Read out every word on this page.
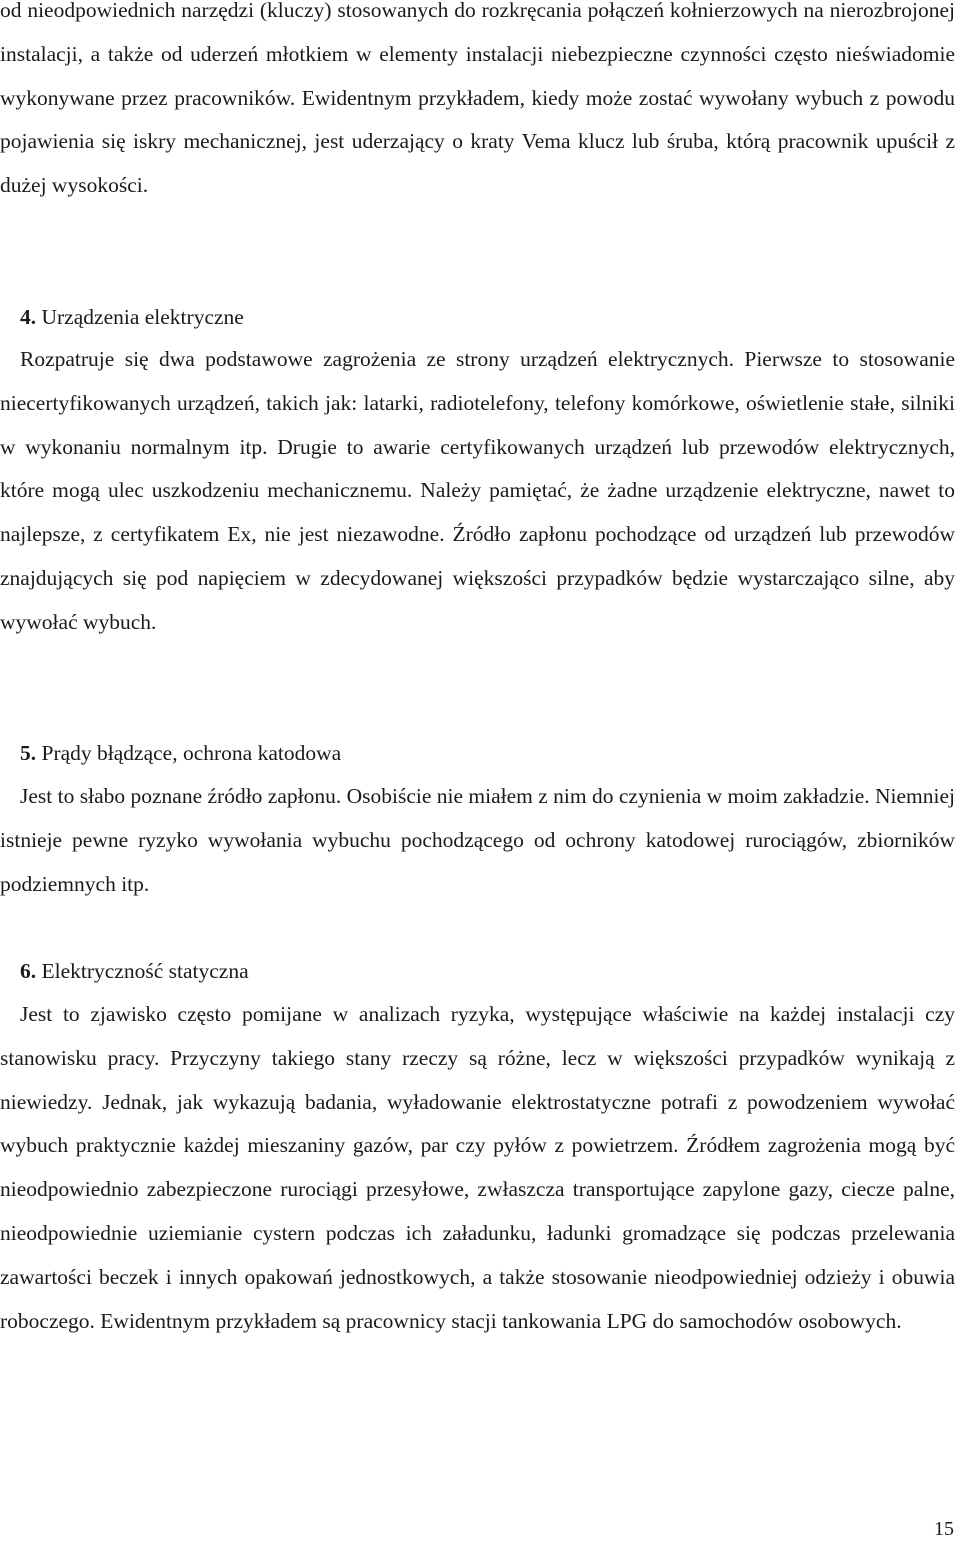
od nieodpowiednich narzędzi (kluczy) stosowanych do rozkręcania połączeń kołnierzowych na nierozbrojonej instalacji, a także od uderzeń młotkiem w elementy instalacji niebezpieczne czynności często nieświadomie wykonywane przez pracowników. Ewidentnym przykładem, kiedy może zostać wywołany wybuch z powodu pojawienia się iskry mechanicznej, jest uderzający o kraty Vema klucz lub śruba, którą pracownik upuścił z dużej wysokości.

4. Urządzenia elektryczne

Rozpatruje się dwa podstawowe zagrożenia ze strony urządzeń elektrycznych. Pierwsze to stosowanie niecertyfikowanych urządzeń, takich jak: latarki, radiotelefony, telefony komórkowe, oświetlenie stałe, silniki w wykonaniu normalnym itp. Drugie to awarie certyfikowanych urządzeń lub przewodów elektrycznych, które mogą ulec uszkodzeniu mechanicznemu. Należy pamiętać, że żadne urządzenie elektryczne, nawet to najlepsze, z certyfikatem Ex, nie jest niezawodne. Źródło zapłonu pochodzące od urządzeń lub przewodów znajdujących się pod napięciem w zdecydowanej większości przypadków będzie wystarczająco silne, aby wywołać wybuch.

5. Prądy błądzące, ochrona katodowa

Jest to słabo poznane źródło zapłonu. Osobiście nie miałem z nim do czynienia w moim zakładzie. Niemniej istnieje pewne ryzyko wywołania wybuchu pochodzącego od ochrony katodowej rurociągów, zbiorników podziemnych itp.

6. Elektryczność statyczna

Jest to zjawisko często pomijane w analizach ryzyka, występujące właściwie na każdej instalacji czy stanowisku pracy. Przyczyny takiego stany rzeczy są różne, lecz w większości przypadków wynikają z niewiedzy. Jednak, jak wykazują badania, wyładowanie elektrostatyczne potrafi z powodzeniem wywołać wybuch praktycznie każdej mieszaniny gazów, par czy pyłów z powietrzem. Źródłem zagrożenia mogą być nieodpowiednio zabezpieczone rurociągi przesyłowe, zwłaszcza transportujące zapylone gazy, ciecze palne, nieodpowiednie uziemianie cystern podczas ich załadunku, ładunki gromadzące się podczas przelewania zawartości beczek i innych opakowań jednostkowych, a także stosowanie nieodpowiedniej odzieży i obuwia roboczego. Ewidentnym przykładem są pracownicy stacji tankowania LPG do samochodów osobowych.

15
